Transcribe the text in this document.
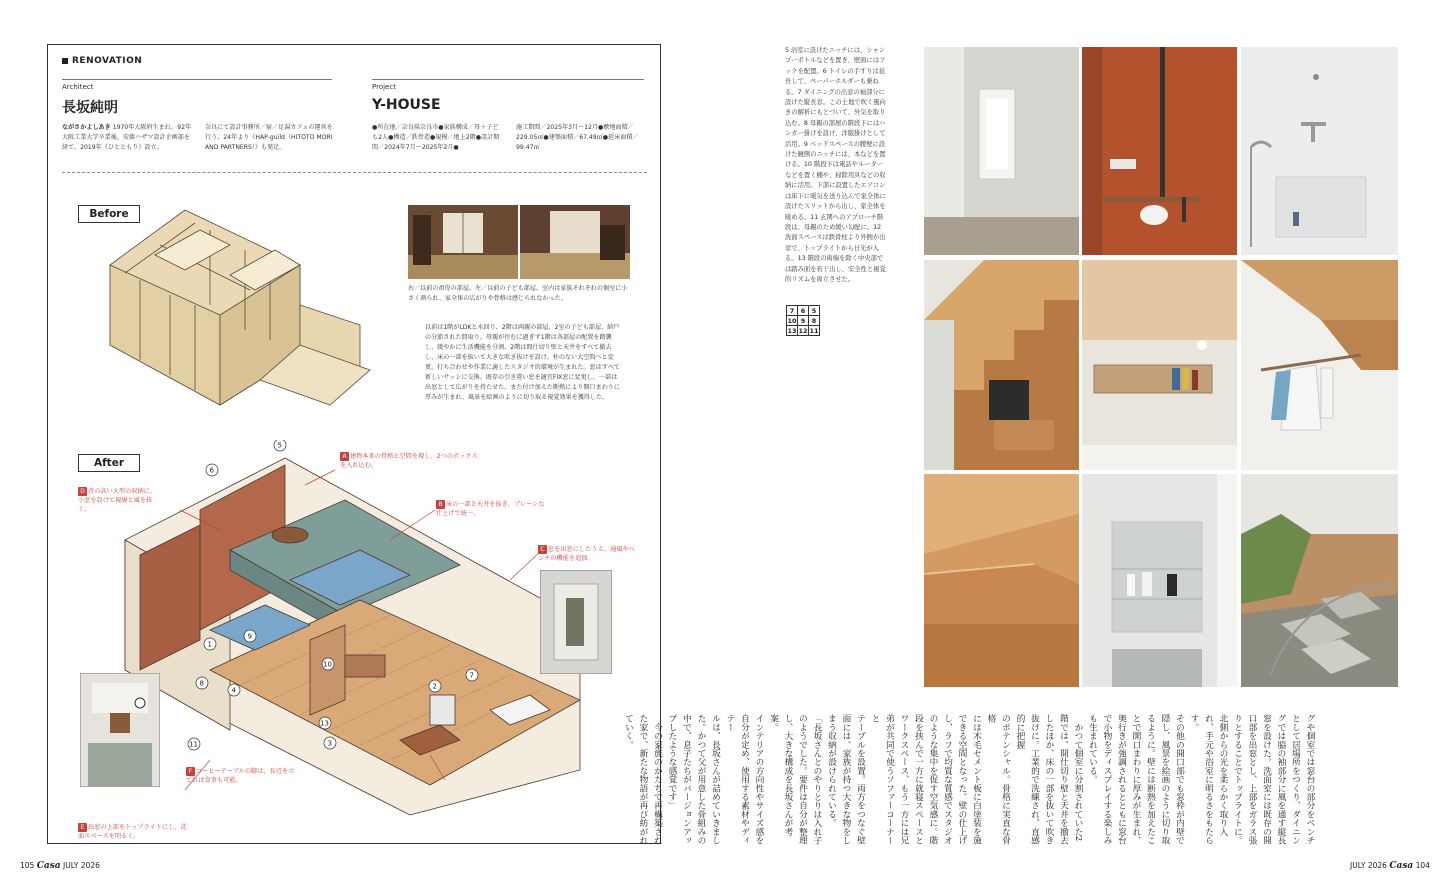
RENOVATION
Architect
長坂純明
Project
Y-HOUSE
ながさかよしあき 1970年大阪府生まれ。92年大阪工業大学卒業後、安藤ハザマ設計企画部を経て、2019年《ひとともり》設立。
奈良にて設計事務所／宿／足湯カフェの運営を行う。24年より《HAP-guild（HITOTO MORI AND PARTNERS）》も発足。
●所在地／奈良県奈良市●家族構成／母＋子ども2人●構造／鉄骨造●規模／地上2階●設計期間／2024年7月〜2025年2月●
施工期間／2025年3月〜12月●敷地面積／229.05㎡●建築面積／67.49㎡●延床面積／99.47㎡
Before
右／以前の祖母の部屋。左／以前の子ども部屋。室内は家族それぞれの個室に小さく割られ、家全体の広がりや骨格は感じられなかった。
以前は1階がLDKと水回り、2階は両親の部屋、2室の子ども部屋、納戸の分節された間取り。母親が住むに過ぎず1階は各部屋の配置を踏襲し、緩やかに生活機能を分割。2階は間仕切り壁と天井をすべて撤去し、床の一部を抜いて大きな吹き抜けを設け、柱のない大空間へと変更。打ち合わせや作業に適したスタジオ的環境が生まれた。窓はすべて新しいサッシに交換。既存の引き違い窓を適宜FIX窓に変更し、一部は出窓として広がりを持たせた。また付け加えた断熱により開口まわりに厚みが生まれ、風景を絵画のように切り取る視覚効果を獲得した。
After
5
6
1
8
4
10
13
3
2
7
9
11
A 建物本来の骨格と空間を現し、2つのボックスを入れ込む。
B 床の一部と天井を抜き、プレーンな仕上げで統一。
C 窓を出窓にしたうえ、通風やベンチの機能を追加。
D 背の高い大型の収納に、小窓を設けて視線と風を抜く。
E 出窓の上部をトップライトにし、洗面スペースを明るく。
F コーヒーテーブルの脚は、長辺を立てれば食事も可能。
105 Casa JULY 2026
5 浴室に設けたニッチには、シャンプーボトルなどを置き、壁面にはフックを配置。6 トイレの手すりは延長して、ペーパーホルダーも兼ねる。7 ダイニングの出窓の袖部分に設けた縦長窓。この土地で吹く風向きの解析にもとづいて、外気を取り込む。8 母親の部屋の階段下にはハンガー掛けを設け、洋服掛けとして活用。9 ベッドスペースの腰壁に設けた鏡側のニッチには、本などを置ける。10 階段下は電話やルーターなどを置く棚や、掃除用具などの収納に活用。下部に設置したエアコンは床下に暖気を送り込んで家全体に設けたスリットから出し、家全体を暖める。11 玄関へのアプローチ階段は、母親のため緩い勾配に。12 洗面スペースは鉄骨柱より外側が出窓で、トップライトから日光が入る。13 階段の両端を除く中央部では踏み面を若干出し、安全性と視覚的リズムを両立させた。
7	6	5
10	9	8
13	12	11
グや個室では窓台の部分をベンチとして居場所をつくり、ダイニン
グでは脇の袖部分に風を通す縦長窓を設けた。洗面室には既存の開
口部を出窓とし、上部をガラス張りとすることでトップライトに。
北側からの光を柔らかく取り入れ、手元や浴室に明るさをもたらす。
その他の開口部でも窓枠が内壁で隠し、風景を絵画のように切り取
るように。壁には断熱を加えたこ
とで開口まわりに厚みが生まれ、
奥行きが強調されるとともに窓台
で小物をディスプレイする楽しみ
も生まれている。
　かつて個室に分割されていた2
階では、間仕切り壁と天井を撤去
したほか、床の一部を抜いて吹き
抜けに。工業的で洗練され、直感的に把握
のポテンシャル。骨格に実直な骨格
には木毛セメント板に白塗装を施
できる空間となった。壁の仕上げ
し、ラフで均質な質感でスタジオ
のような集中を促す空気感に。階
段を挟んで一方に就寝スペースと
ワークスペース、もう一方には兄
弟が共同で使うソファーコーナーと
テーブルを設置。両方をつなぐ壁
面には、家族が持つ大きな物をし
まう収納が設けられている。
「長坂さんとのやりとりは入れ子
のようでした。要件は自分が整理
し、大きな構成を長坂さんが考案。
インテリアの方向性やサイズ感を
自分が定め、使用する素材やディテー
ルは、長坂さんが詰めていきまし
た。かつて父が用意した骨組みの
中で、息子たちがバージョンアッ
プしたような感覚です」
　今の家族のかたちで再構築され
た家で、新たな物語が再び紡がれ
ていく。
JULY 2026 Casa 104
